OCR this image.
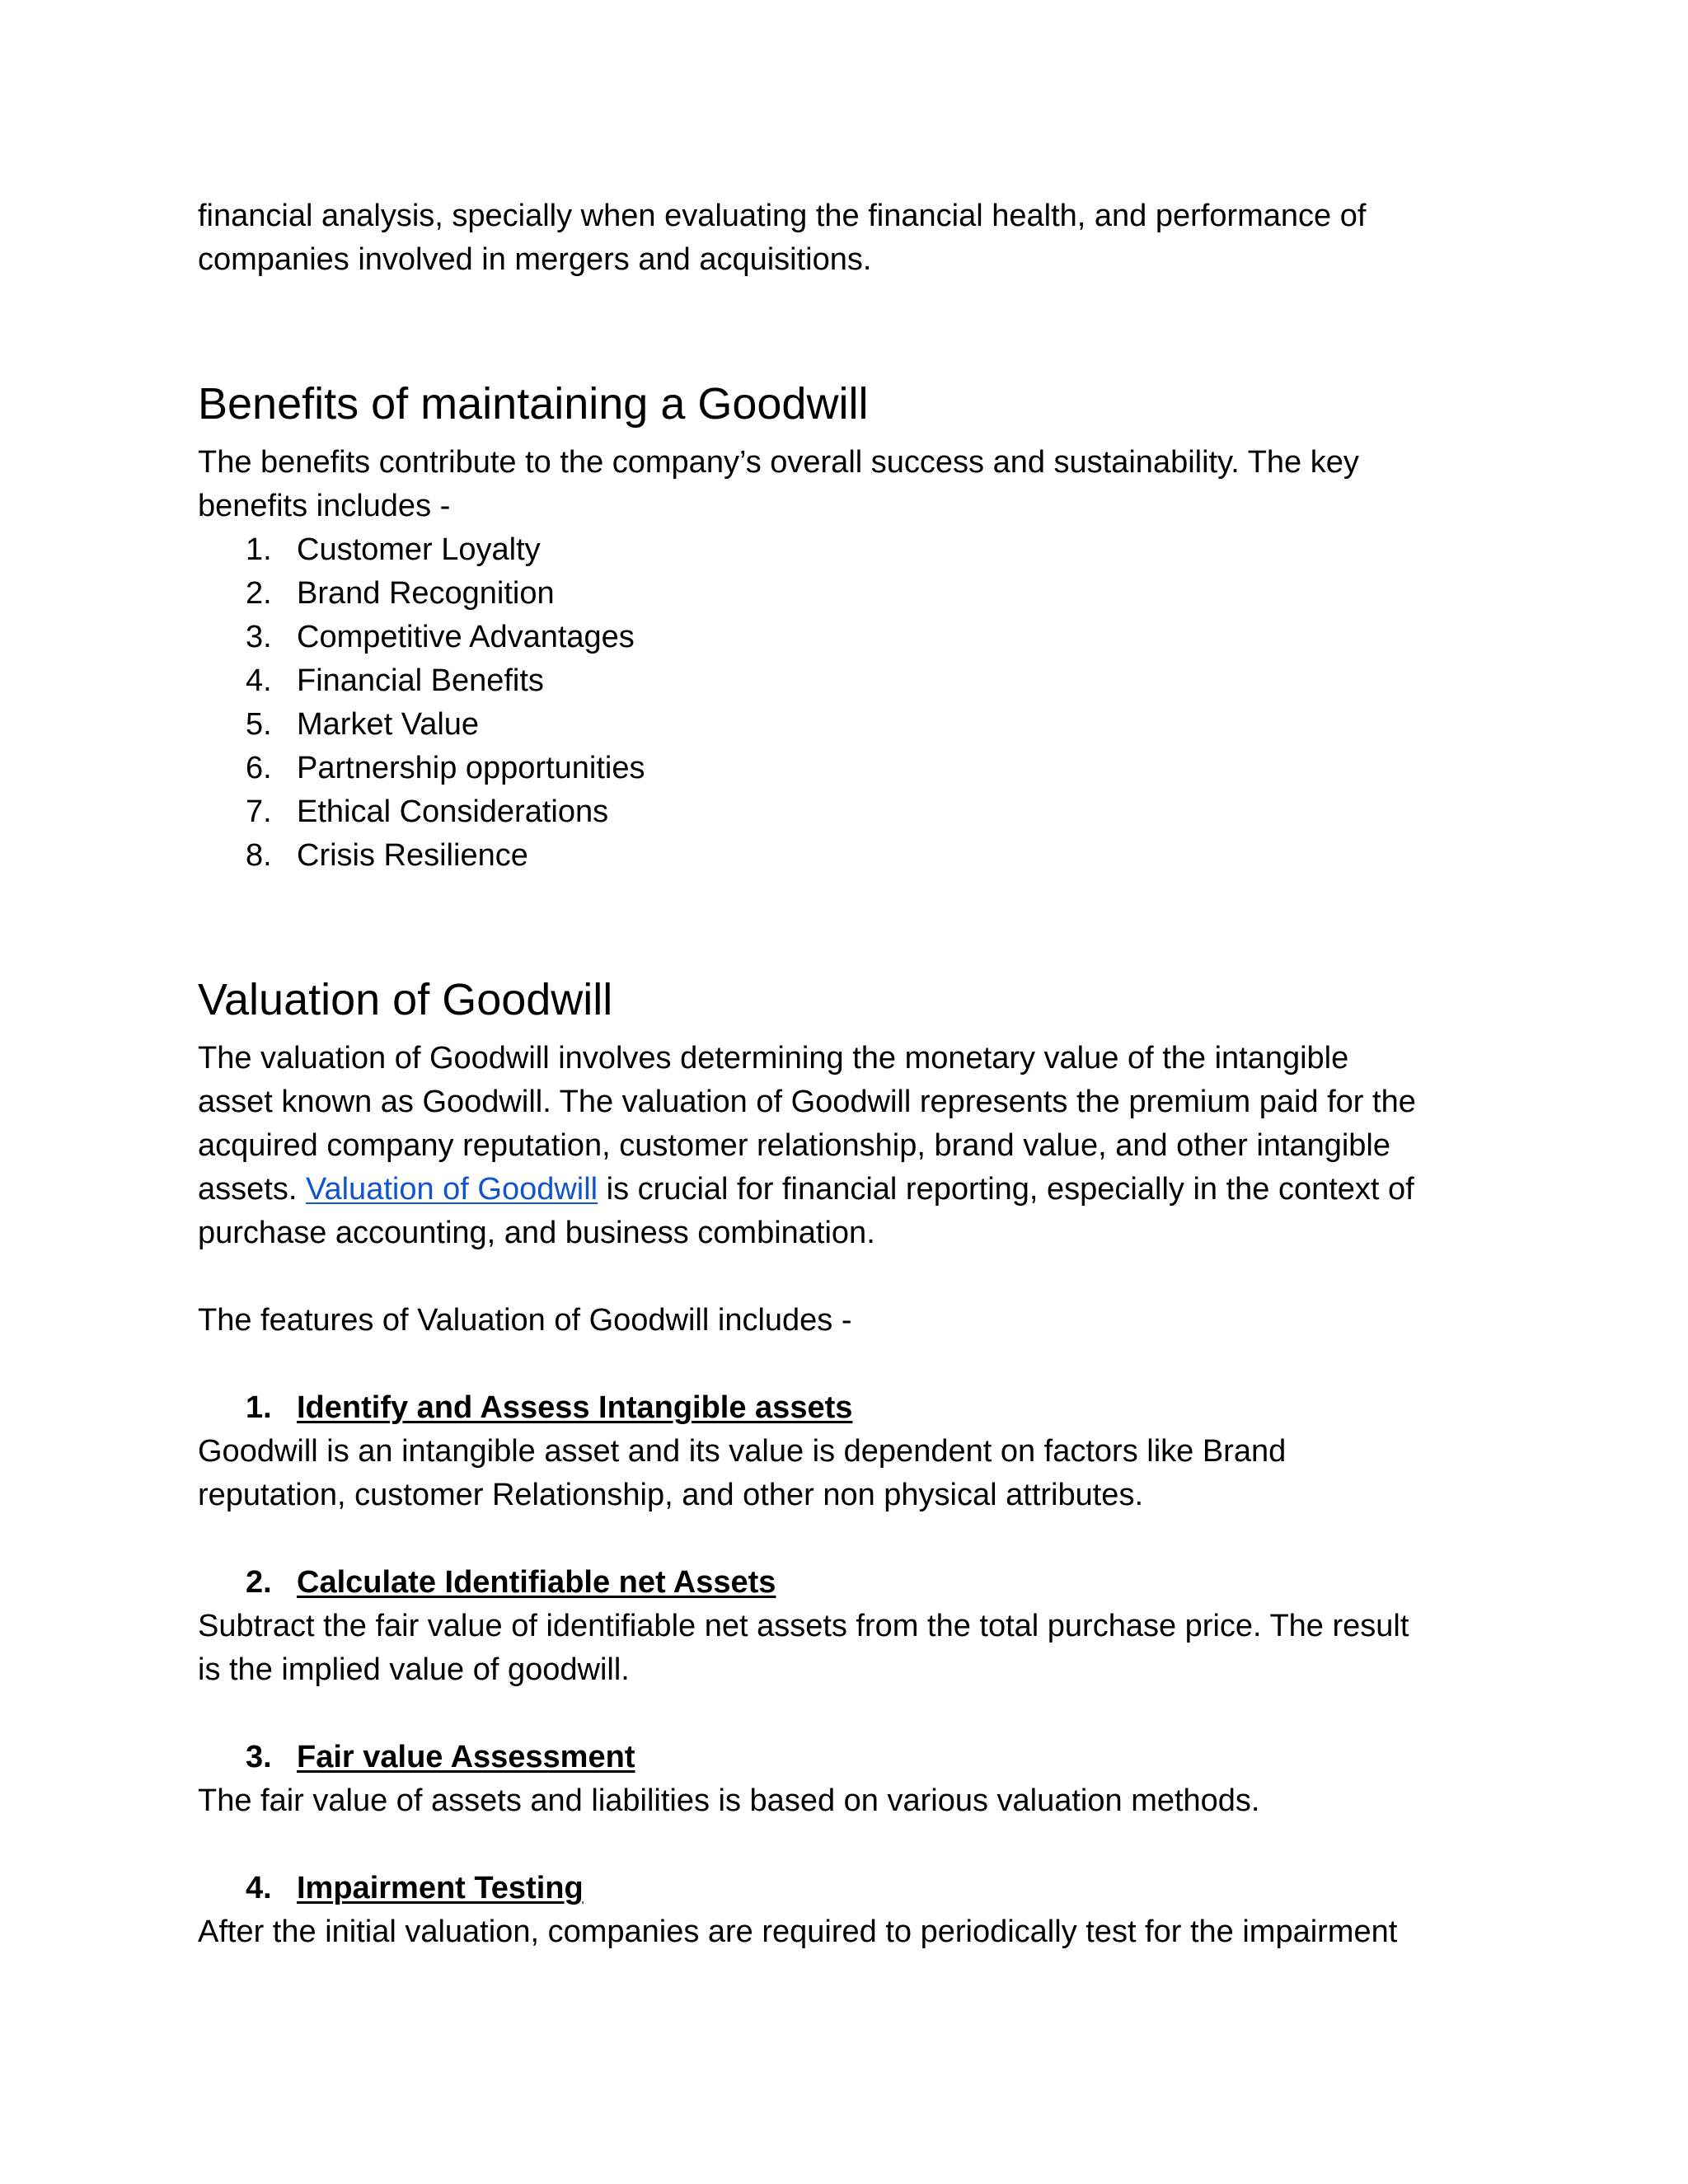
financial analysis, specially when evaluating the financial health, and performance of
companies involved in mergers and acquisitions.

Benefits of maintaining a Goodwill

The benefits contribute to the company’s overall success and sustainability. The key
benefits includes -

1. Customer Loyalty
2. Brand Recognition
3. Competitive Advantages
4. Financial Benefits
5. Market Value
6. Partnership opportunities
7. Ethical Considerations
8. Crisis Resilience
Valuation of Goodwill

The valuation of Goodwill involves determining the monetary value of the intangible
asset known as Goodwill. The valuation of Goodwill represents the premium paid for the
acquired company reputation, customer relationship, brand value, and other intangible
assets. Valuation of Goodwill is crucial for financial reporting, especially in the context of
purchase accounting, and business combination.

The features of Valuation of Goodwill includes -

1. Identify and Assess Intangible assets

Goodwill is an intangible asset and its value is dependent on factors like Brand
reputation, customer Relationship, and other non physical attributes.

2. Calculate Identifiable net Assets

Subtract the fair value of identifiable net assets from the total purchase price. The result
is the implied value of goodwill.

3. Fair value Assessment

The fair value of assets and liabilities is based on various valuation methods.

4. Impairment Testing

After the initial valuation, companies are required to periodically test for the impairment
